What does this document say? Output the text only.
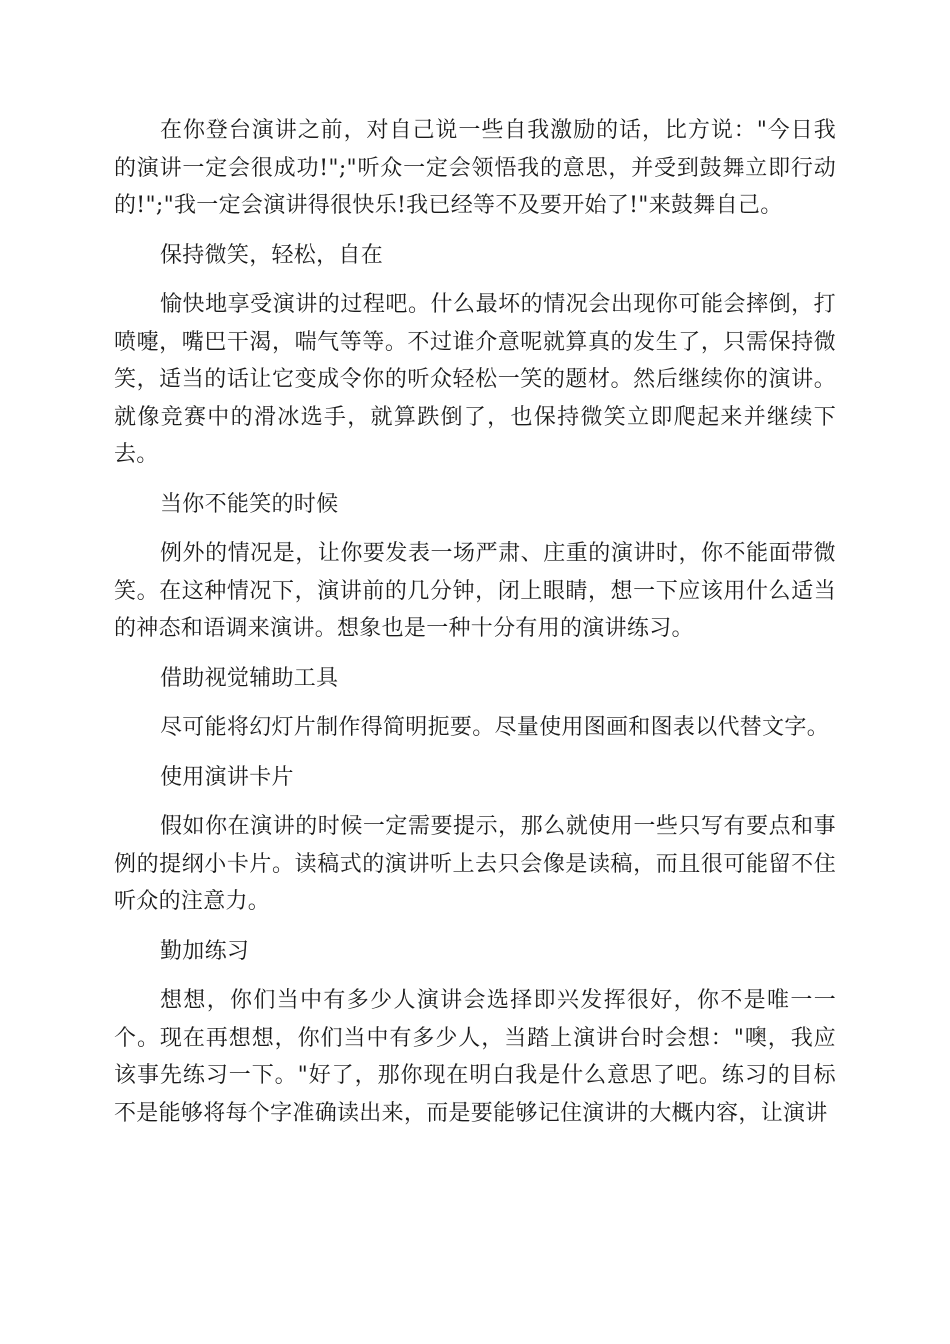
在你登台演讲之前，对自己说一些自我激励的话，比方说："今日我的演讲一定会很成功!";"听众一定会领悟我的意思，并受到鼓舞立即行动的!";"我一定会演讲得很快乐!我已经等不及要开始了!"来鼓舞自己。

保持微笑，轻松，自在

愉快地享受演讲的过程吧。什么最坏的情况会出现你可能会摔倒，打喷嚏，嘴巴干渴，喘气等等。不过谁介意呢就算真的发生了，只需保持微笑，适当的话让它变成令你的听众轻松一笑的题材。然后继续你的演讲。就像竞赛中的滑冰选手，就算跌倒了，也保持微笑立即爬起来并继续下去。

当你不能笑的时候

例外的情况是，让你要发表一场严肃、庄重的演讲时，你不能面带微笑。在这种情况下，演讲前的几分钟，闭上眼睛，想一下应该用什么适当的神态和语调来演讲。想象也是一种十分有用的演讲练习。

借助视觉辅助工具

尽可能将幻灯片制作得简明扼要。尽量使用图画和图表以代替文字。

使用演讲卡片

假如你在演讲的时候一定需要提示，那么就使用一些只写有要点和事例的提纲小卡片。读稿式的演讲听上去只会像是读稿，而且很可能留不住听众的注意力。

勤加练习

想想，你们当中有多少人演讲会选择即兴发挥很好，你不是唯一一个。现在再想想，你们当中有多少人，当踏上演讲台时会想："噢，我应该事先练习一下。"好了，那你现在明白我是什么意思了吧。练习的目标不是能够将每个字准确读出来，而是要能够记住演讲的大概内容，让演讲
